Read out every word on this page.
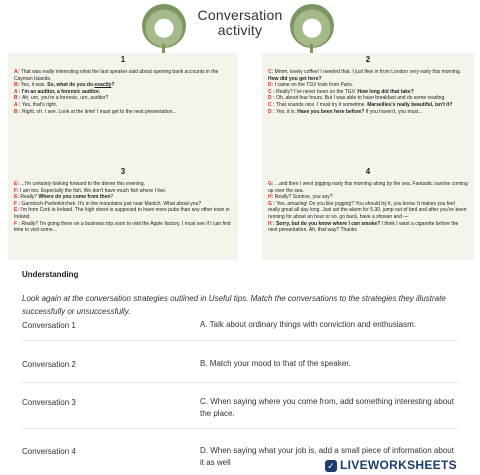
Conversation
activity
1
A: That was really interesting what the last speaker said about opening bank accounts in the Cayman Islands.
B: Yes, it was. So, what do you do exactly?
A : I'm an auditor, a forensic auditor.
B : Ah, urn, you're a forensic, urn, auditor?
A : Yes, that's right.
B : Right, oh. I see. Look at the time! I must get to the next presentation...
2
C: Mmm, lovely coffee! I needed that. I just flew in from London very early this morning. How did you get here?
D: I came on the TGV train from Paris.
C : Really? I've never been on the TGV. How long did that take?
D : Oh, about four hours. But I was able to have breakfast and do some reading.
C : That sounds nice. I must try it sometime. Marseilles's really beautiful, isn't it?
D : Yes, it is. Have you been here before? If you haven't, you must...
3
E: ...I'm certainly looking forward to the dinner this evening.
F: I am too. Especially the fish. We don't have much fish where I live.
E: Really? Where do you come from then?
F : Garmisch-Partenkirchen. It's in the mountains just near Munich. What about you?
E: I'm from Cork in Ireland. The high street is supposed to have more pubs than any other town in Ireland.
F : Really? I'm going there on a business trip soon to visit the Apple factory. I must see if I can find time to visit some...
4
G: ...and then I went jogging early this morning along by the sea. Fantastic sunrise coming up over the sea.
H: Really? Sunrise, you say?
G : Yes, amazing! Do you like jogging? You should try it, you know. It makes you feel really great all day long. Just set the alarm for 5.30, jump out of bed and after you've been running for about an hour or so, go back, have a shower and —
H : Sorry, but do you know where I can smoke? I think I want a cigarette before the next presentation. Ah, that way? Thanks
Understanding
Look again at the conversation strategies outlined in Useful tips. Match the conversations to the strategies they illustrate successfully or unsuccessfully.
Conversation 1	A. Talk about ordinary things with conviction and enthusiasm.
Conversation 2	B. Match your mood to that of the speaker.
Conversation 3	C. When saying where you come from, add something interesting about the place.
Conversation 4	D. When saying what your job is, add a small piece of information about it as well	✓ LIVEWORKSHEETS
